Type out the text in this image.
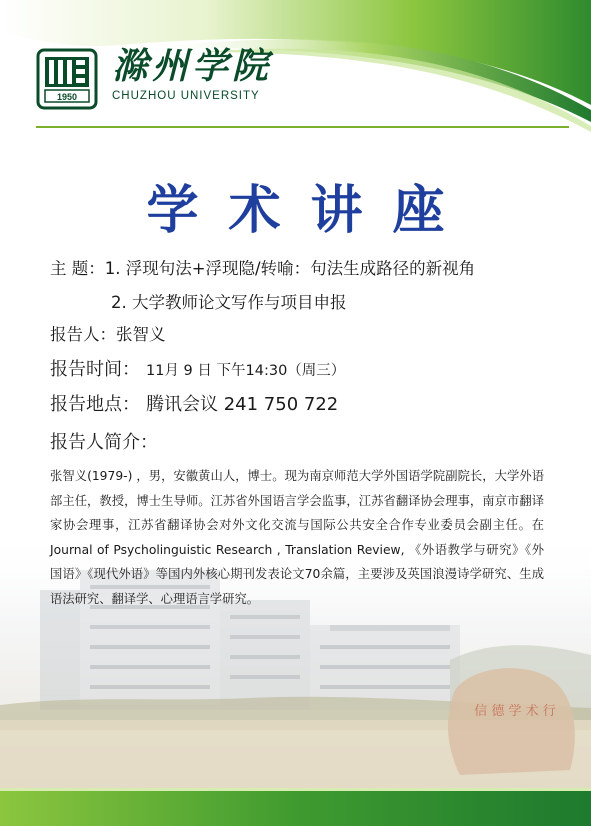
1950
滁州学院
CHUZHOU UNIVERSITY
学术讲座
信 德 学 术 行
主 题：1. 浮现句法+浮现隐/转喻：句法生成路径的新视角
2. 大学教师论文写作与项目申报
报告人：张智义
报告时间： 11月 9 日 下午14:30（周三）
报告地点： 腾讯会议 241 750 722
报告人简介：
张智义(1979-) ，男，安徽黄山人，博士。现为南京师范大学外国语学院副院长，大学外语部主任，教授，博士生导师。江苏省外国语言学会监事，江苏省翻译协会理事，南京市翻译家协会理事，江苏省翻译协会对外文化交流与国际公共安全合作专业委员会副主任。在Journal of Psycholinguistic Research , Translation Review, 《外语教学与研究》《外国语》《现代外语》等国内外核心期刊发表论文70余篇，主要涉及英国浪漫诗学研究、生成语法研究、翻译学、心理语言学研究。
